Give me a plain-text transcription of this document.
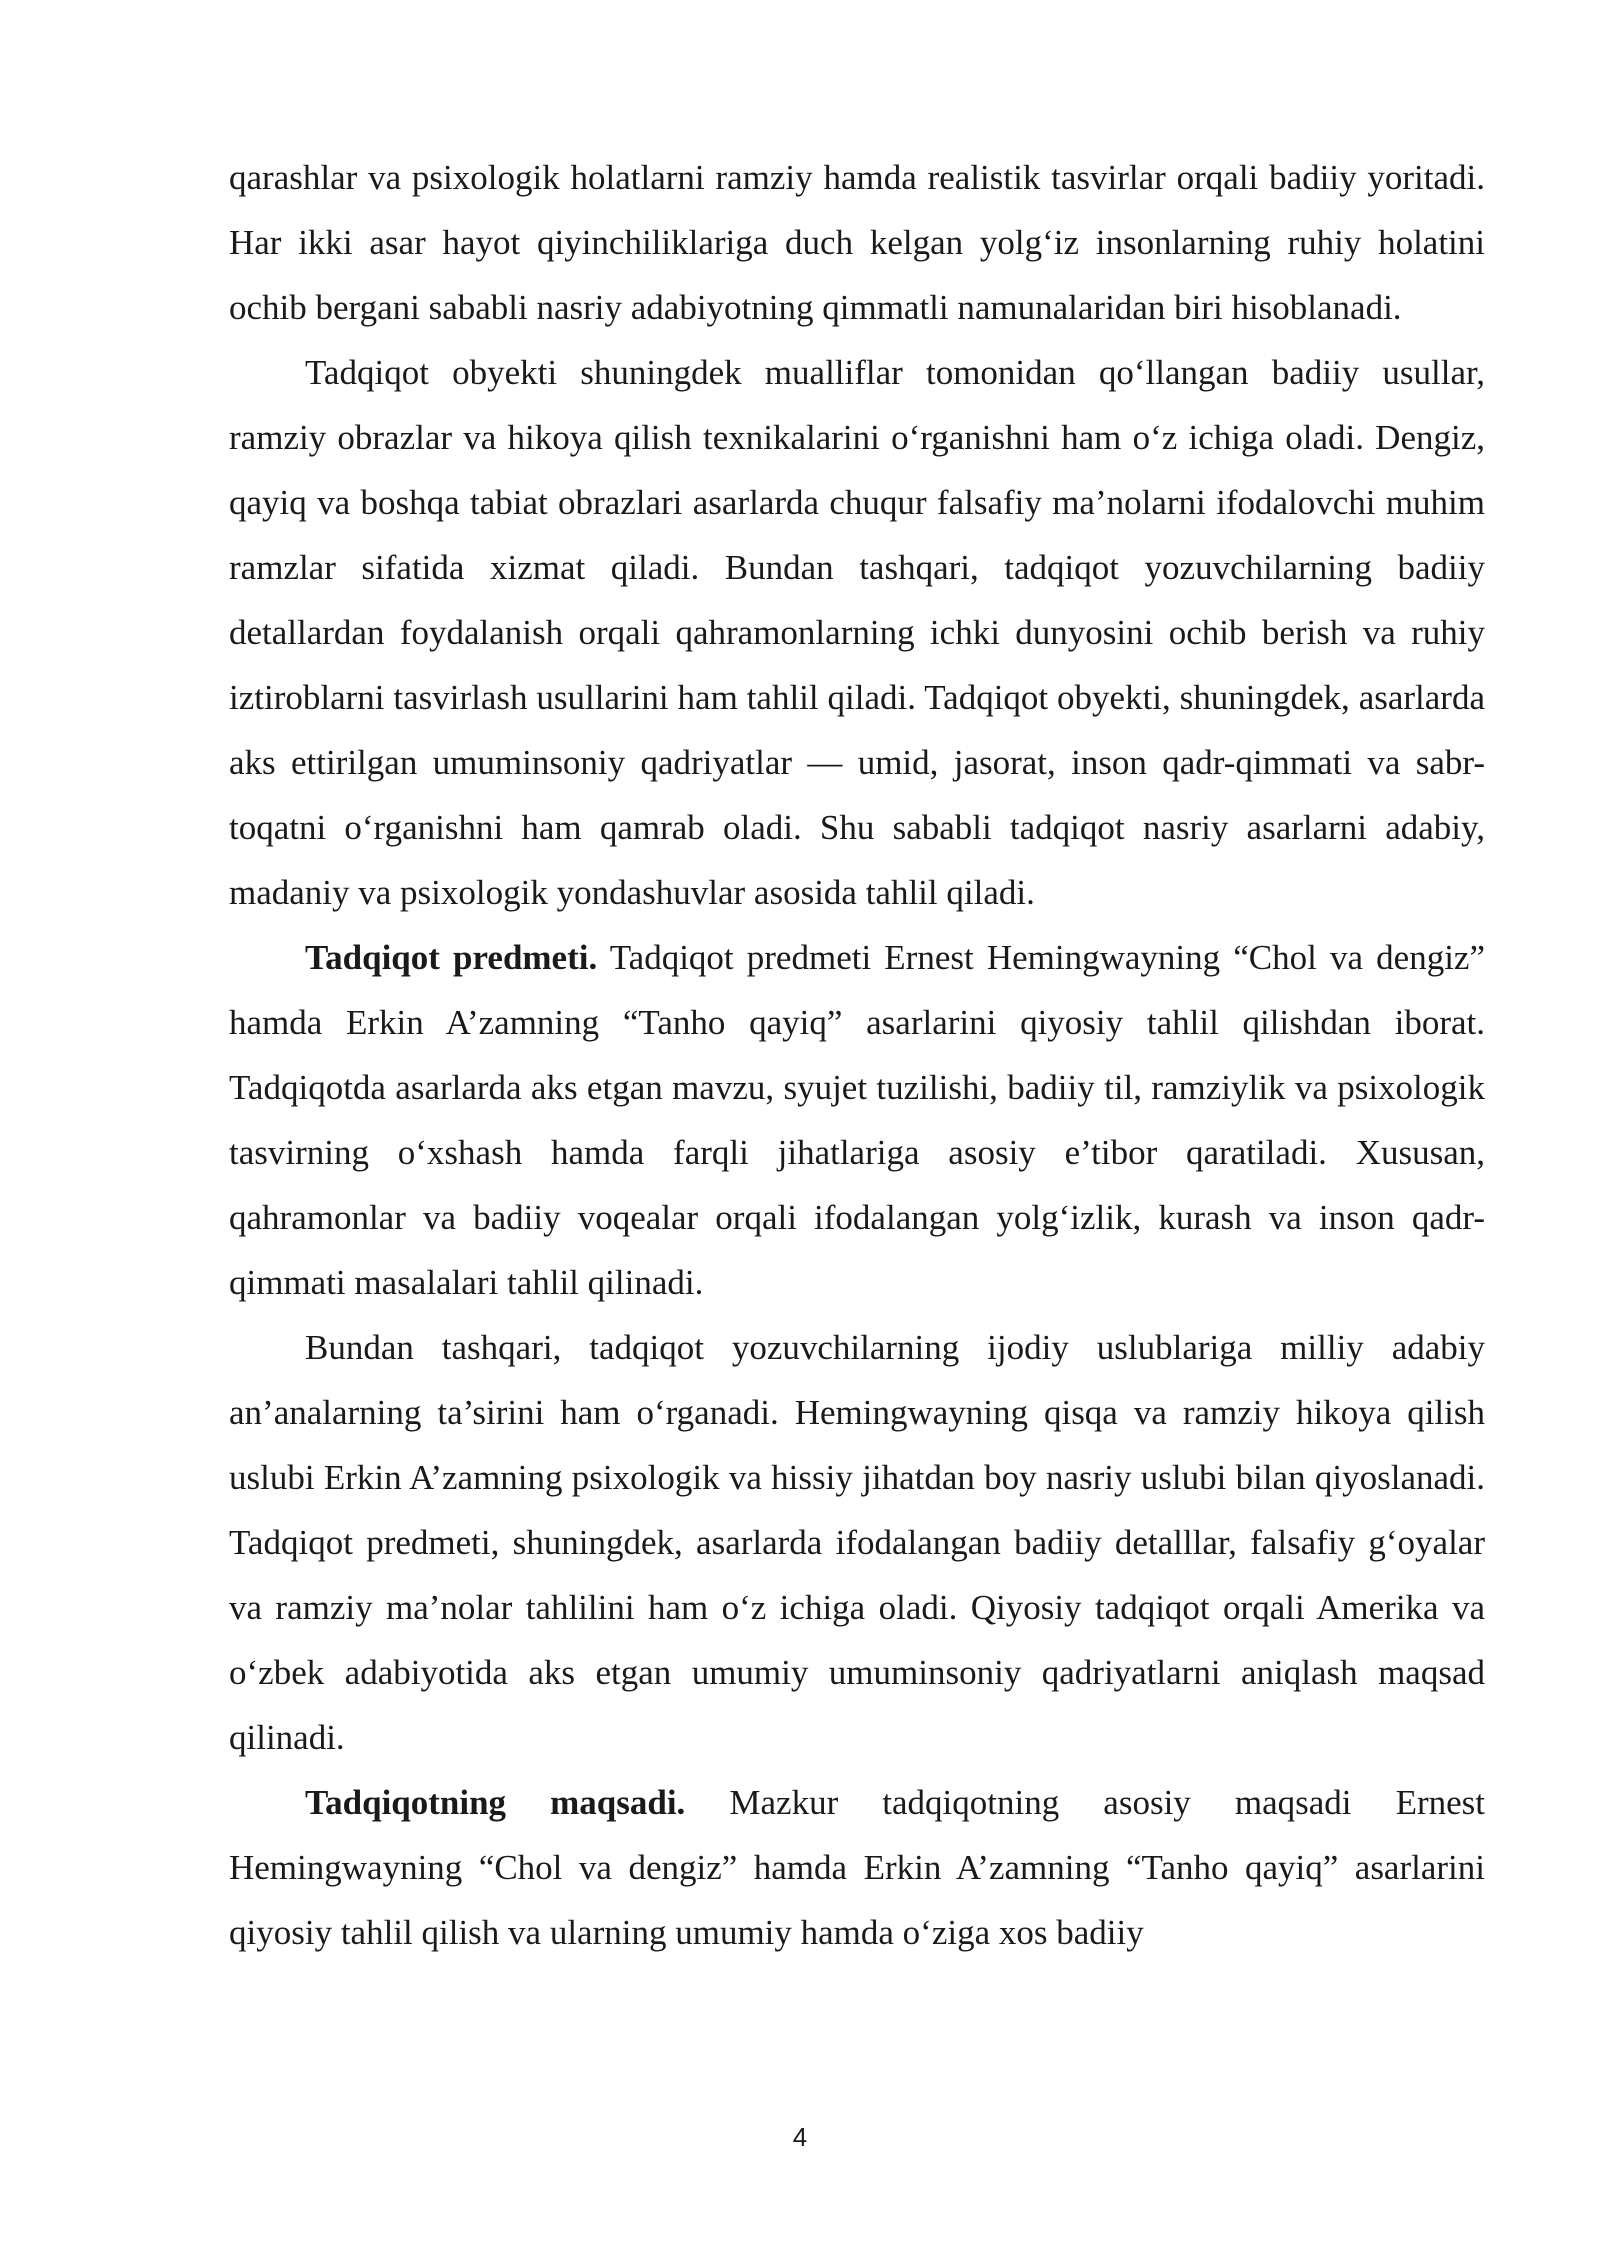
qarashlar va psixologik holatlarni ramziy hamda realistik tasvirlar orqali badiiy yoritadi. Har ikki asar hayot qiyinchiliklariga duch kelgan yolg‘iz insonlarning ruhiy holatini ochib bergani sababli nasriy adabiyotning qimmatli namunalaridan biri hisoblanadi.

Tadqiqot obyekti shuningdek mualliflar tomonidan qo‘llangan badiiy usullar, ramziy obrazlar va hikoya qilish texnikalarini o‘rganishni ham o‘z ichiga oladi. Dengiz, qayiq va boshqa tabiat obrazlari asarlarda chuqur falsafiy ma’nolarni ifodalovchi muhim ramzlar sifatida xizmat qiladi. Bundan tashqari, tadqiqot yozuvchilarning badiiy detallardan foydalanish orqali qahramonlarning ichki dunyosini ochib berish va ruhiy iztiroblarni tasvirlash usullarini ham tahlil qiladi. Tadqiqot obyekti, shuningdek, asarlarda aks ettirilgan umuminsoniy qadriyatlar — umid, jasorat, inson qadr-qimmati va sabr-toqatni o‘rganishni ham qamrab oladi. Shu sababli tadqiqot nasriy asarlarni adabiy, madaniy va psixologik yondashuvlar asosida tahlil qiladi.

Tadqiqot predmeti. Tadqiqot predmeti Ernest Hemingwayning “Chol va dengiz” hamda Erkin A’zamning “Tanho qayiq” asarlarini qiyosiy tahlil qilishdan iborat. Tadqiqotda asarlarda aks etgan mavzu, syujet tuzilishi, badiiy til, ramziylik va psixologik tasvirning o‘xshash hamda farqli jihatlariga asosiy e’tibor qaratiladi. Xususan, qahramonlar va badiiy voqealar orqali ifodalangan yolg‘izlik, kurash va inson qadr-qimmati masalalari tahlil qilinadi.

Bundan tashqari, tadqiqot yozuvchilarning ijodiy uslublariga milliy adabiy an’analarning ta’sirini ham o‘rganadi. Hemingwayning qisqa va ramziy hikoya qilish uslubi Erkin A’zamning psixologik va hissiy jihatdan boy nasriy uslubi bilan qiyoslanadi. Tadqiqot predmeti, shuningdek, asarlarda ifodalangan badiiy detalllar, falsafiy g‘oyalar va ramziy ma’nolar tahlilini ham o‘z ichiga oladi. Qiyosiy tadqiqot orqali Amerika va o‘zbek adabiyotida aks etgan umumiy umuminsoniy qadriyatlarni aniqlash maqsad qilinadi.

Tadqiqotning maqsadi. Mazkur tadqiqotning asosiy maqsadi Ernest Hemingwayning “Chol va dengiz” hamda Erkin A’zamning “Tanho qayiq” asarlarini qiyosiy tahlil qilish va ularning umumiy hamda o‘ziga xos badiiy

4
